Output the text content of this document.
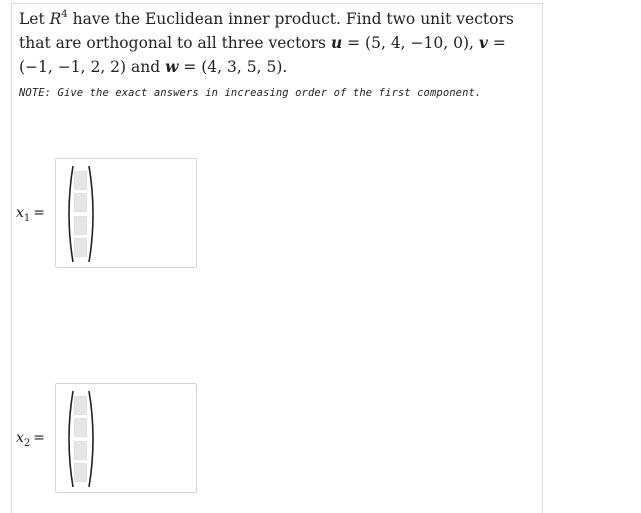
Let $R^4$ have the Euclidean inner product. Find two unit vectors that are orthogonal to all three vectors u = (5, 4, −10, 0), v = (−1, −1, 2, 2) and w = (4, 3, 5, 5).
NOTE: Give the exact answers in increasing order of the first component.
$x_1$ =
$x_2$ =
